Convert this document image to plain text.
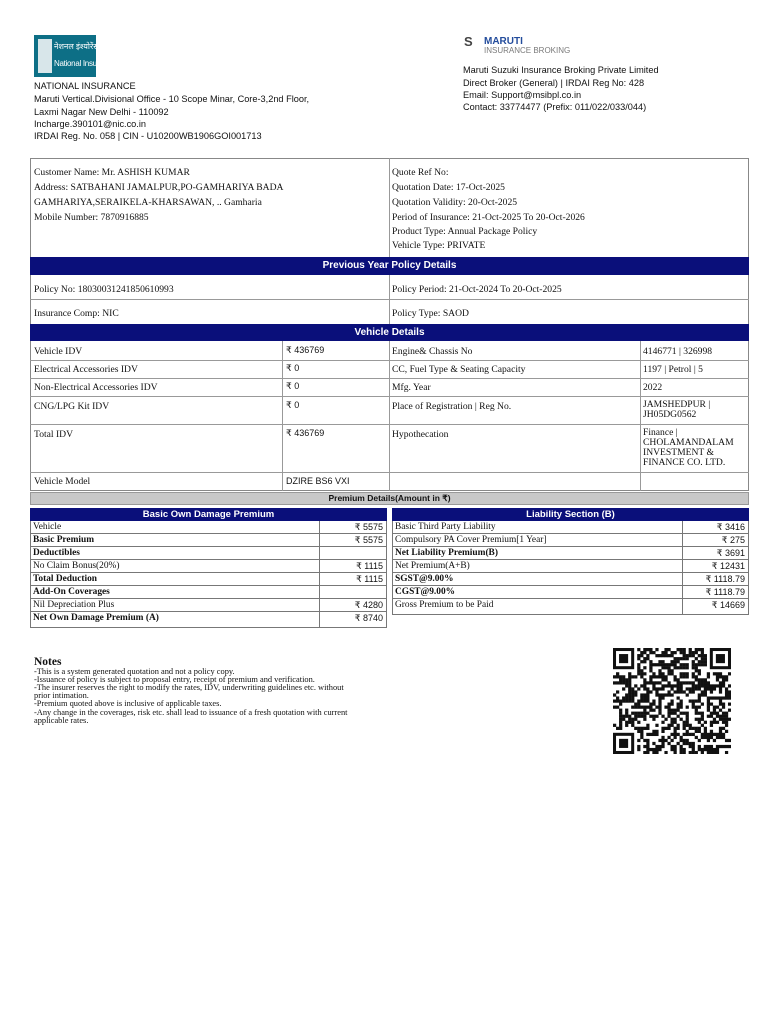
नेशनल इंश्योरेंस
National Insurance
NATIONAL INSURANCE
Maruti Vertical.Divisional Office - 10 Scope Minar, Core-3,2nd Floor,
Laxmi Nagar New Delhi - 110092
Incharge.390101@nic.co.in
IRDAI Reg. No. 058 | CIN - U10200WB1906GOI001713
S	MARUTI
INSURANCE BROKING
Maruti Suzuki Insurance Broking Private Limited
Direct Broker (General) | IRDAI Reg No: 428
Email: Support@msibpl.co.in
Contact: 33774477 (Prefix: 011/022/033/044)
Customer Name: Mr. ASHISH KUMAR
Address: SATBAHANI JAMALPUR,PO-GAMHARIYA BADA
GAMHARIYA,SERAIKELA-KHARSAWAN, .. Gamharia
Mobile Number: 7870916885
Quote Ref No:
Quotation Date: 17-Oct-2025
Quotation Validity: 20-Oct-2025
Period of Insurance: 21-Oct-2025 To 20-Oct-2026
Product Type: Annual Package Policy
Vehicle Type: PRIVATE
Previous Year Policy Details
Policy No: 18030031241850610993	Policy Period: 21-Oct-2024 To 20-Oct-2025
Insurance Comp: NIC	Policy Type: SAOD
Vehicle Details
Vehicle IDV	₹ 436769	Engine& Chassis No	4146771 | 326998
Electrical Accessories IDV	₹ 0	CC, Fuel Type & Seating Capacity	1197 | Petrol | 5
Non-Electrical Accessories IDV	₹ 0	Mfg. Year	2022
CNG/LPG Kit IDV	₹ 0	Place of Registration | Reg No.	JAMSHEDPUR |
JH05DG0562
Total IDV	₹ 436769	Hypothecation	Finance |
CHOLAMANDALAM
INVESTMENT &
FINANCE CO. LTD.
Vehicle Model	DZIRE BS6 VXI
Premium Details(Amount in ₹)
Basic Own Damage Premium
Vehicle	₹ 5575
Basic Premium	₹ 5575
Deductibles
No Claim Bonus(20%)	₹ 1115
Total Deduction	₹ 1115
Add-On Coverages
Nil Depreciation Plus	₹ 4280
Net Own Damage Premium (A)	₹ 8740
Liability Section (B)
Basic Third Party Liability	₹ 3416
Compulsory PA Cover Premium[1 Year]	₹ 275
Net Liability Premium(B)	₹ 3691
Net Premium(A+B)	₹ 12431
SGST@9.00%	₹ 1118.79
CGST@9.00%	₹ 1118.79
Gross Premium to be Paid	₹ 14669
Notes
-This is a system generated quotation and not a policy copy.
-Issuance of policy is subject to proposal entry, receipt of premium and verification.
-The insurer reserves the right to modify the rates, IDV, underwriting guidelines etc. without
prior intimation.
-Premium quoted above is inclusive of applicable taxes.
-Any change in the coverages, risk etc. shall lead to issuance of a fresh quotation with current
applicable rates.
